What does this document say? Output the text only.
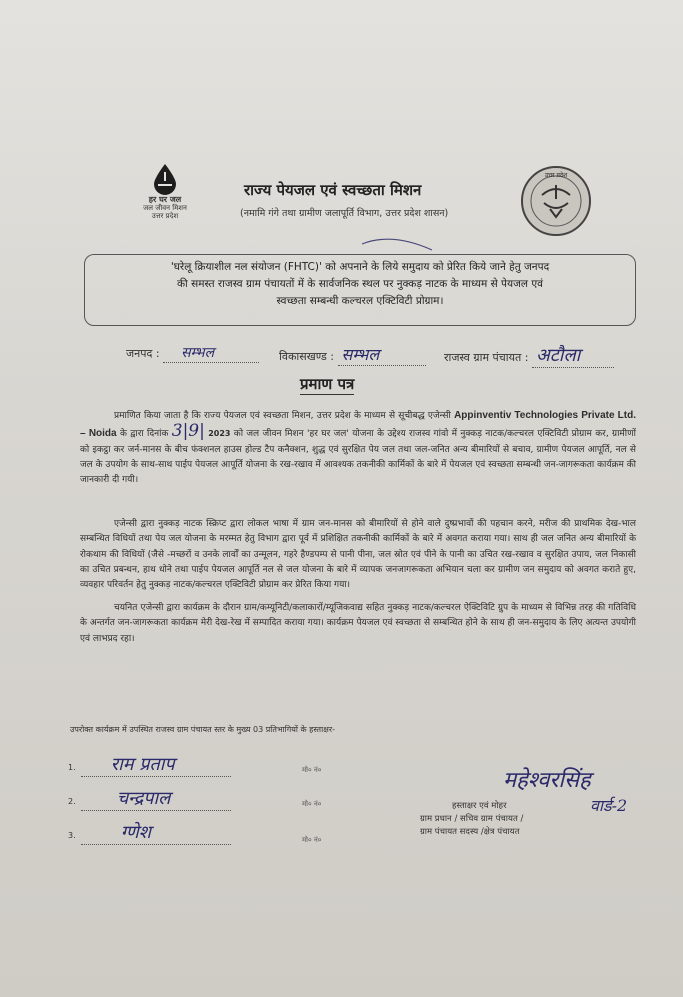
हर घर जल
जल जीवन मिशन
उत्तर प्रदेश
राज्य पेयजल एवं स्वच्छता मिशन
(नमामि गंगे तथा ग्रामीण जलापूर्ति विभाग, उत्तर प्रदेश शासन)
उत्तर प्रदेश
'घरेलू क्रियाशील नल संयोजन (FHTC)' को अपनाने के लिये समुदाय को प्रेरित किये जाने हेतु जनपद
की समस्त राजस्व ग्राम पंचायतों में के सार्वजनिक स्थल पर नुक्कड़ नाटक के माध्यम से पेयजल एवं
स्वच्छता सम्बन्धी कल्चरल एक्टिविटी प्रोग्राम।
जनपद : सम्भल	विकासखण्ड : सम्भल	राजस्व ग्राम पंचायत : अटौला
प्रमाण पत्र
प्रमाणित किया जाता है कि राज्य पेयजल एवं स्वच्छता मिशन, उत्तर प्रदेश के माध्यम से सूचीबद्ध एजेन्सी Appinventiv Technologies Private Ltd. – Noida के द्वारा दिनांक 3|9| 2023 को जल जीवन मिशन 'हर घर जल' योजना के उद्देश्य राजस्व गांवो में नुक्कड़ नाटक/कल्चरल एक्टिविटी प्रोग्राम कर, ग्रामीणों को इकट्ठा कर जर्न-मानस के बीच फंक्शनल हाउस होल्ड टैप कनैक्शन, शुद्ध एवं सुरक्षित पेय जल तथा जल-जनित अन्य बीमारियों से बचाव, ग्रामीण पेयजल आपूर्ति, नल से जल के उपयोग के साथ-साथ पाईप पेयजल आपूर्ति योजना के रख-रखाव में आवश्यक तकनीकी कार्मिकों के बारे में पेयजल एवं स्वच्छता सम्बन्धी जन-जागरूकता कार्यक्रम की जानकारी दी गयी।
एजेन्सी द्वारा नुक्कड़ नाटक स्क्रिप्ट द्वारा लोकल भाषा में ग्राम जन-मानस को बीमारियों से होने वाले दुष्प्रभावों की पहचान करने, मरीज की प्राथमिक देख-भाल सम्बन्धित विधियों तथा पेय जल योजना के मरम्मत हेतु विभाग द्वारा पूर्व में प्रशिक्षित तकनीकी कार्मिकों के बारे में अवगत कराया गया। साथ ही जल जनित अन्य बीमारियों के रोकथाम की विधियों (जैसे -मच्छरों व उनके लार्वों का उन्मूलन, गहरे हैण्डपम्प से पानी पीना, जल स्रोत एवं पीने के पानी का उचित रख-रखाव व सुरक्षित उपाय, जल निकासी का उचित प्रबन्धन, हाथ धोने तथा पाईप पेयजल आपूर्ति नल से जल योजना के बारे में व्यापक जनजागरूकता अभियान चला कर ग्रामीण जन समुदाय को अवगत कराते हुए, व्यवहार परिवर्तन हेतु नुक्कड़ नाटक/कल्चरल एक्टिविटी प्रोग्राम कर प्रेरित किया गया।
चयनित एजेन्सी द्वारा कार्यक्रम के दौरान ग्राम/कम्यूनिटी/कलाकारों/म्यूजिकवाद्य सहित नुक्कड़ नाटक/कल्चरल ऐक्टिविटि ग्रुप के माध्यम से विभिन्न तरह की गतिविधि के अन्तर्गत जन-जागरूकता कार्यक्रम मेरी देख-रेख में सम्पादित कराया गया। कार्यक्रम पेयजल एवं स्वच्छता से सम्बन्धित होने के साथ ही जन-समुदाय के लिए अत्यन्त उपयोगी एवं लाभप्रद रहा।
उपरोक्त कार्यक्रम में उपस्थित राजस्व ग्राम पंचायत स्तर के मुख्य 03 प्रतिभागियों के हस्ताक्षर-
1. राम प्रताप	मो० नं०
2. चन्द्रपाल	मो० नं०
3.	ग्णेश	मो० नं०
महेश्वरसिंह
वार्ड-2
हस्ताक्षर एवं मोहर
ग्राम प्रधान / सचिव ग्राम पंचायत /
ग्राम पंचायत सदस्य /क्षेत्र पंचायत
